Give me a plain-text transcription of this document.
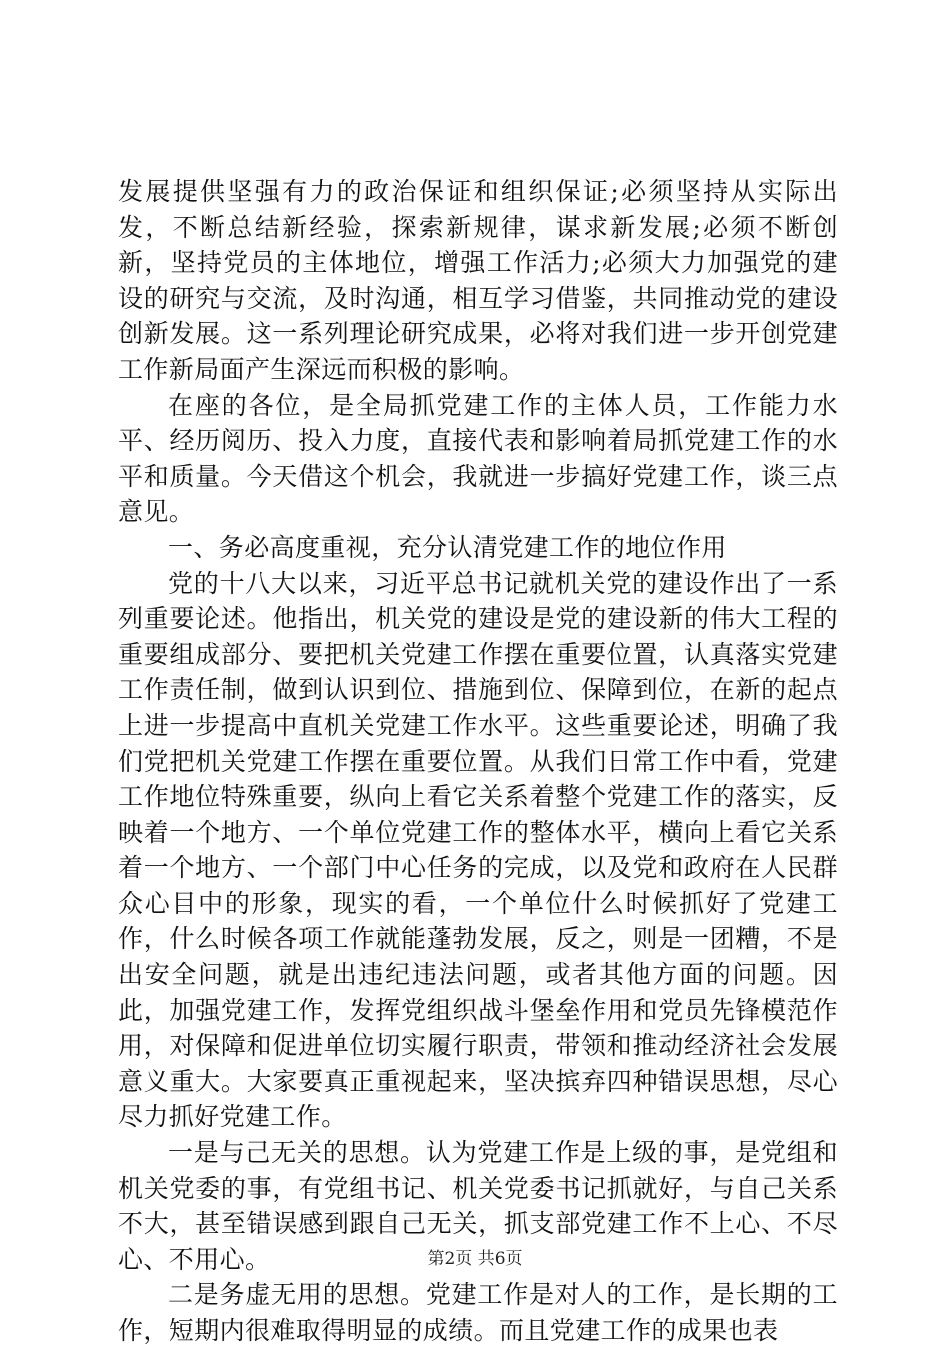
发展提供坚强有力的政治保证和组织保证;必须坚持从实际出发，不断总结新经验，探索新规律，谋求新发展;必须不断创新，坚持党员的主体地位，增强工作活力;必须大力加强党的建设的研究与交流，及时沟通，相互学习借鉴，共同推动党的建设创新发展。这一系列理论研究成果，必将对我们进一步开创党建工作新局面产生深远而积极的影响。

在座的各位，是全局抓党建工作的主体人员，工作能力水平、经历阅历、投入力度，直接代表和影响着局抓党建工作的水平和质量。今天借这个机会，我就进一步搞好党建工作，谈三点意见。

一、务必高度重视，充分认清党建工作的地位作用

党的十八大以来，习近平总书记就机关党的建设作出了一系列重要论述。他指出，机关党的建设是党的建设新的伟大工程的重要组成部分、要把机关党建工作摆在重要位置，认真落实党建工作责任制，做到认识到位、措施到位、保障到位，在新的起点上进一步提高中直机关党建工作水平。这些重要论述，明确了我们党把机关党建工作摆在重要位置。从我们日常工作中看，党建工作地位特殊重要，纵向上看它关系着整个党建工作的落实，反映着一个地方、一个单位党建工作的整体水平，横向上看它关系着一个地方、一个部门中心任务的完成，以及党和政府在人民群众心目中的形象，现实的看，一个单位什么时候抓好了党建工作，什么时候各项工作就能蓬勃发展，反之，则是一团糟，不是出安全问题，就是出违纪违法问题，或者其他方面的问题。因此，加强党建工作，发挥党组织战斗堡垒作用和党员先锋模范作用，对保障和促进单位切实履行职责，带领和推动经济社会发展意义重大。大家要真正重视起来，坚决摈弃四种错误思想，尽心尽力抓好党建工作。

一是与己无关的思想。认为党建工作是上级的事，是党组和机关党委的事，有党组书记、机关党委书记抓就好，与自己关系不大，甚至错误感到跟自己无关，抓支部党建工作不上心、不尽心、不用心。

二是务虚无用的思想。党建工作是对人的工作，是长期的工作，短期内很难取得明显的成绩。而且党建工作的成果也表

第2页 共6页
